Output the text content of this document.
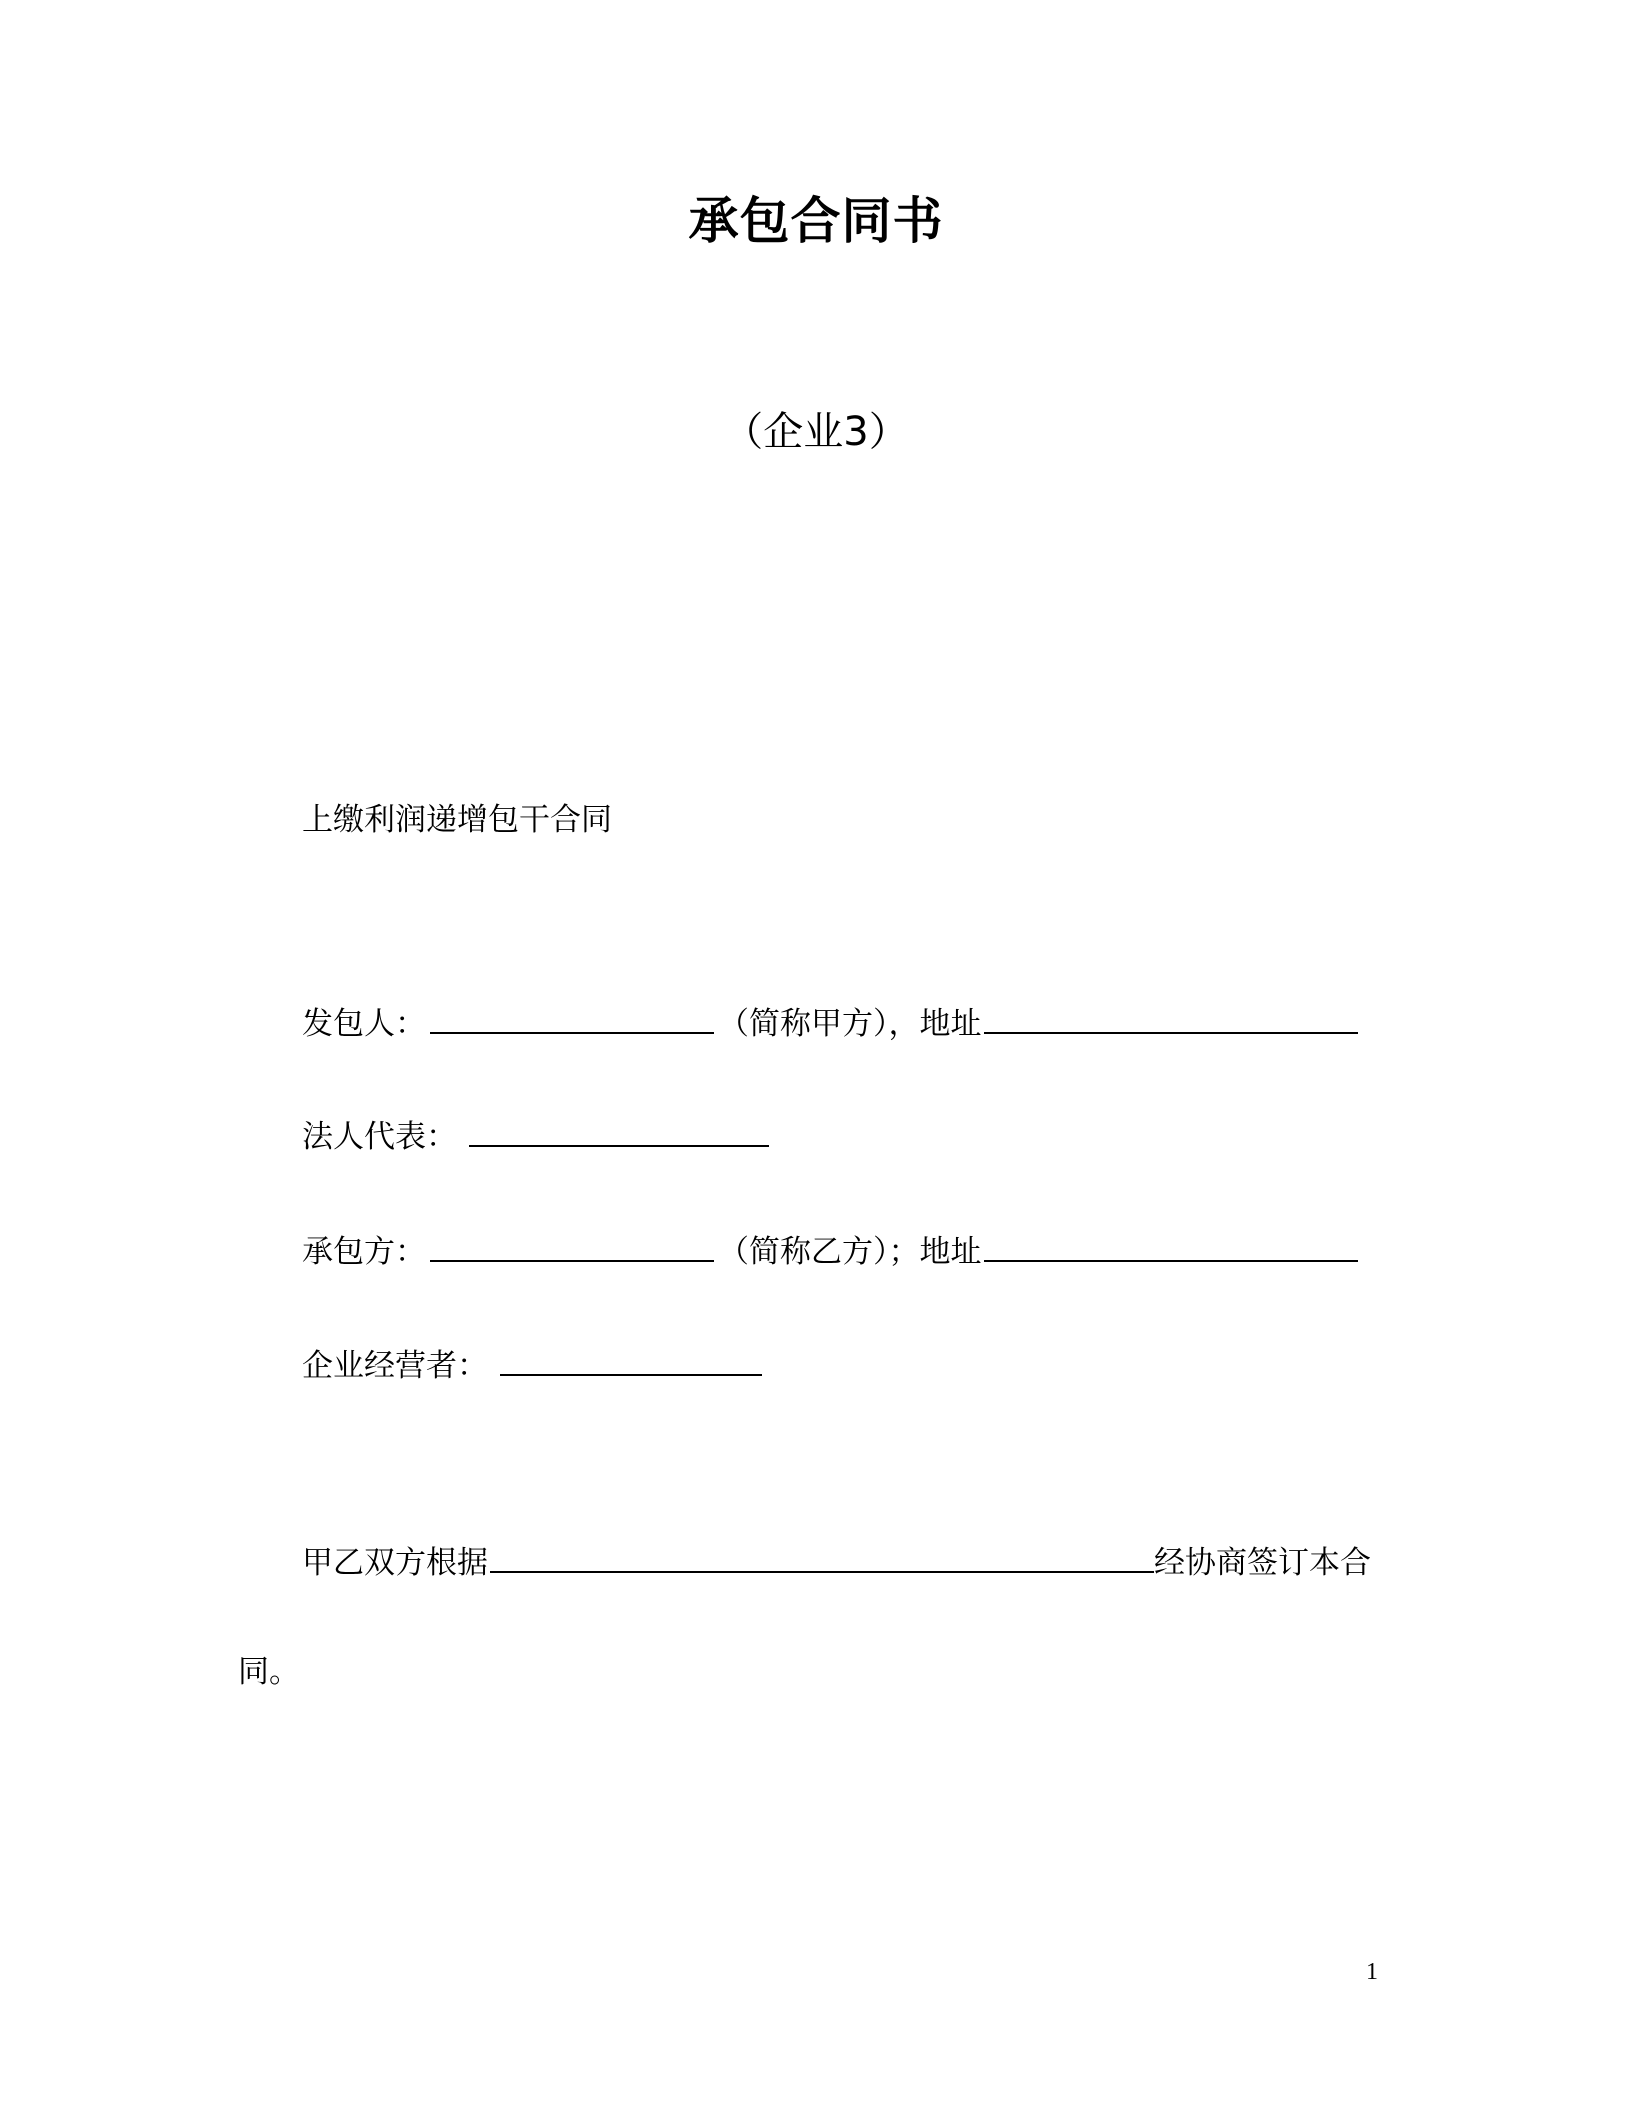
承包合同书
（企业3）
上缴利润递增包干合同
发包人：	（简称甲方），地址
法人代表：
承包方：	（简称乙方）；地址
企业经营者：
甲乙双方根据	经协商签订本合
同。
1
